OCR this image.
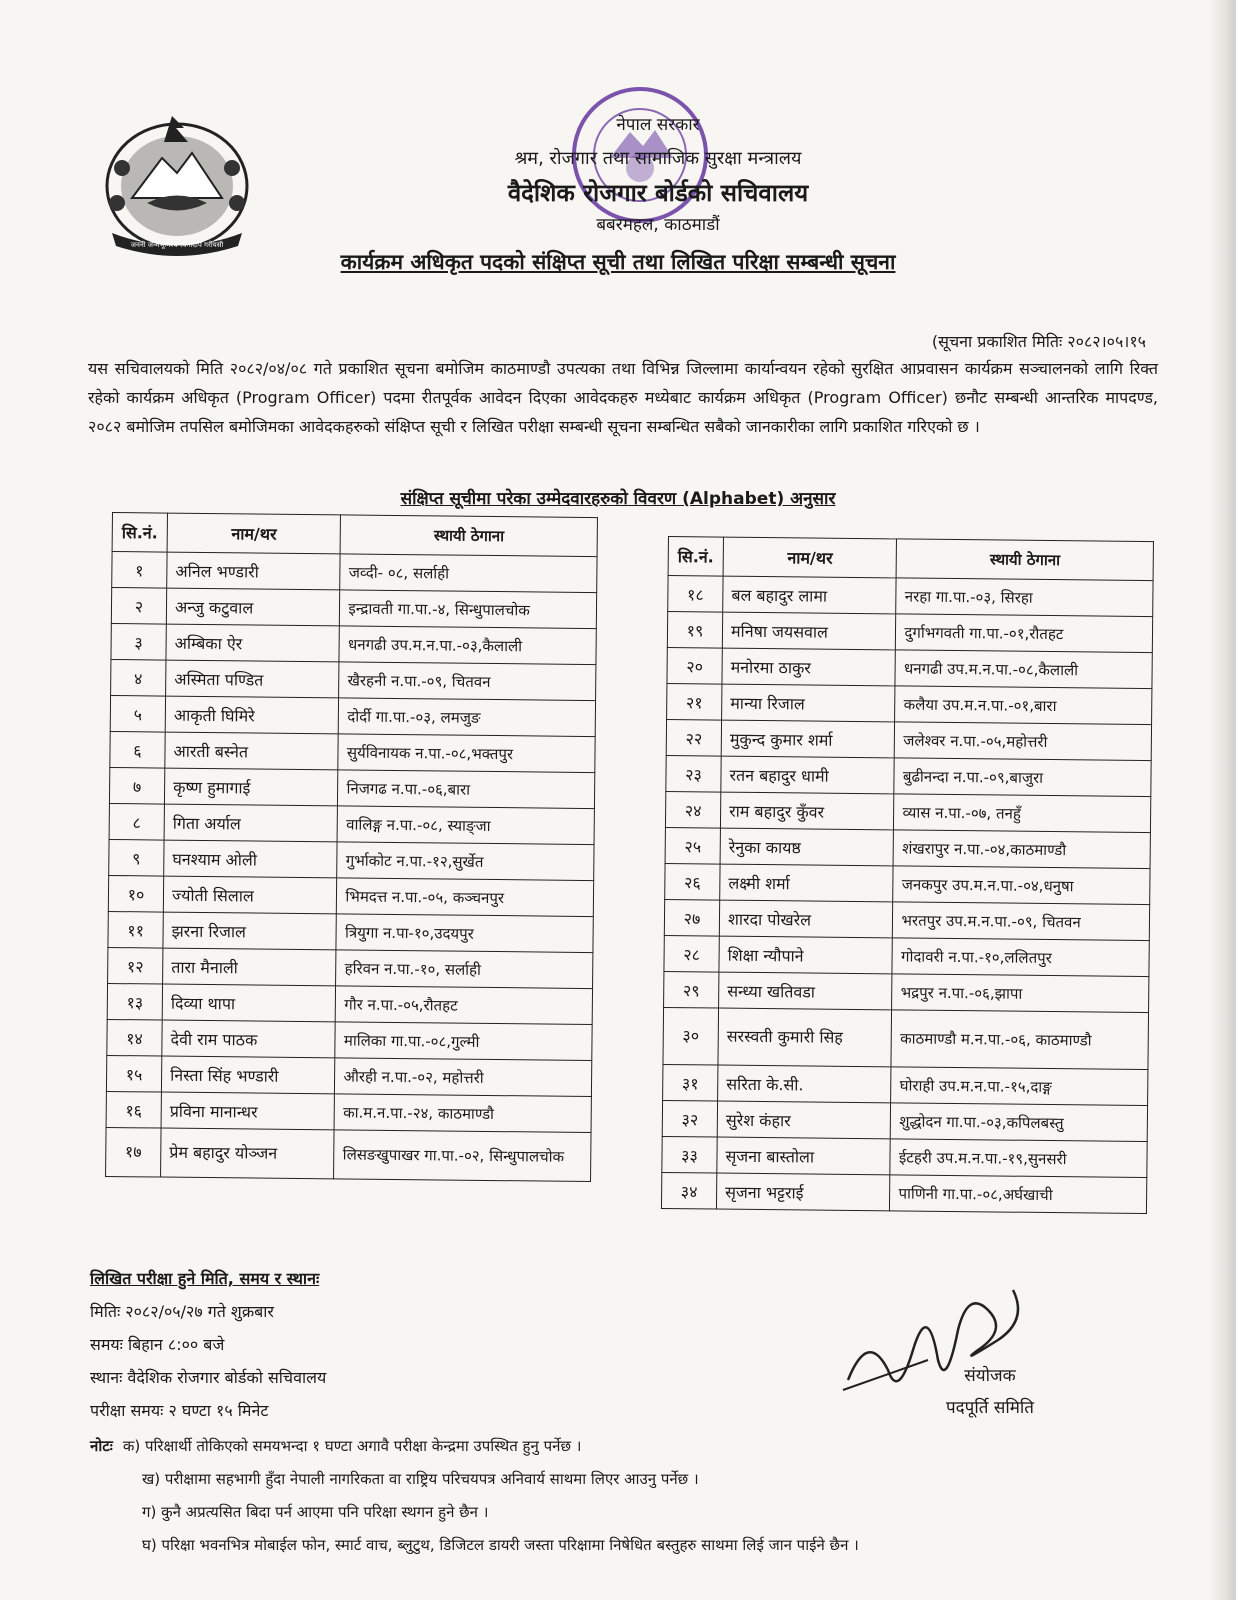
जननी जन्मभूमिश्च स्वर्गादपि गरीयसी
नेपाल सरकार
श्रम, रोजगार तथा सामाजिक सुरक्षा मन्त्रालय
वैदेशिक रोजगार बोर्डको सचिवालय
बबरमहल, काठमाडौं
कार्यक्रम अधिकृत पदको संक्षिप्त सूची तथा लिखित परिक्षा सम्बन्धी सूचना
(सूचना प्रकाशित मितिः २०८२।०५।१५
यस सचिवालयको मिति २०८२/०४/०८ गते प्रकाशित सूचना बमोजिम काठमाण्डौ उपत्यका तथा विभिन्न जिल्लामा कार्यान्वयन रहेको सुरक्षित आप्रवासन कार्यक्रम सञ्चालनको लागि रिक्त रहेको कार्यक्रम अधिकृत (Program Officer) पदमा रीतपूर्वक आवेदन दिएका आवेदकहरु मध्येबाट कार्यक्रम अधिकृत (Program Officer) छनौट सम्बन्धी आन्तरिक मापदण्ड, २०८२ बमोजिम तपसिल बमोजिमका आवेदकहरुको संक्षिप्त सूची र लिखित परीक्षा सम्बन्धी सूचना सम्बन्धित सबैको जानकारीका लागि प्रकाशित गरिएको छ ।
संक्षिप्त सूचीमा परेका उम्मेदवारहरुको विवरण (Alphabet) अनुसार
सि.नं.	नाम/थर	स्थायी ठेगाना
१	अनिल भण्डारी	जव्दी- ०८, सर्लाही
२	अन्जु कटुवाल	इन्द्रावती गा.पा.-४, सिन्धुपालचोक
३	अम्बिका ऐर	धनगढी उप.म.न.पा.-०३,कैलाली
४	अस्मिता पण्डित	खैरहनी न.पा.-०९, चितवन
५	आकृती घिमिरे	दोर्दी गा.पा.-०३, लमजुङ
६	आरती बस्नेत	सुर्यविनायक न.पा.-०८,भक्तपुर
७	कृष्ण हुमागाई	निजगढ न.पा.-०६,बारा
८	गिता अर्याल	वालिङ्ग न.पा.-०८, स्याङ्जा
९	घनश्याम ओली	गुर्भाकोट न.पा.-१२,सुर्खेत
१०	ज्योती सिलाल	भिमदत्त न.पा.-०५, कञ्चनपुर
११	झरना रिजाल	त्रियुगा न.पा-१०,उदयपुर
१२	तारा मैनाली	हरिवन न.पा.-१०, सर्लाही
१३	दिव्या थापा	गौर न.पा.-०५,रौतहट
१४	देवी राम पाठक	मालिका गा.पा.-०८,गुल्मी
१५	निस्ता सिंह भण्डारी	औरही न.पा.-०२, महोत्तरी
१६	प्रविना मानान्धर	का.म.न.पा.-२४, काठमाण्डौ
१७	प्रेम बहादुर योञ्जन	लिसङखुपाखर गा.पा.-०२, सिन्धुपालचोक
सि.नं.	नाम/थर	स्थायी ठेगाना
१८	बल बहादुर लामा	नरहा गा.पा.-०३, सिरहा
१९	मनिषा जयसवाल	दुर्गाभगवती गा.पा.-०१,रौतहट
२०	मनोरमा ठाकुर	धनगढी उप.म.न.पा.-०८,कैलाली
२१	मान्या रिजाल	कलैया उप.म.न.पा.-०१,बारा
२२	मुकुन्द कुमार शर्मा	जलेश्वर न.पा.-०५,महोत्तरी
२३	रतन बहादुर धामी	बुढीनन्दा न.पा.-०९,बाजुरा
२४	राम बहादुर कुँवर	व्यास न.पा.-०७, तनहुँ
२५	रेनुका कायष्ठ	शंखरापुर न.पा.-०४,काठमाण्डौ
२६	लक्ष्मी शर्मा	जनकपुर उप.म.न.पा.-०४,धनुषा
२७	शारदा पोखरेल	भरतपुर उप.म.न.पा.-०९, चितवन
२८	शिक्षा न्यौपाने	गोदावरी न.पा.-१०,ललितपुर
२९	सन्ध्या खतिवडा	भद्रपुर न.पा.-०६,झापा
३०	सरस्वती कुमारी सिह	काठमाण्डौ म.न.पा.-०६, काठमाण्डौ
३१	सरिता के.सी.	घोराही उप.म.न.पा.-१५,दाङ्ग
३२	सुरेश कंहार	शुद्धोदन गा.पा.-०३,कपिलबस्तु
३३	सृजना बास्तोला	ईटहरी उप.म.न.पा.-१९,सुनसरी
३४	सृजना भट्टराई	पाणिनी गा.पा.-०८,अर्घखाची
लिखित परीक्षा हुने मिति, समय र स्थानः
मितिः २०८२/०५/२७ गते शुक्रबार
समयः बिहान ८:०० बजे
स्थानः वैदेशिक रोजगार बोर्डको सचिवालय
परीक्षा समयः २ घण्टा १५ मिनेट
संयोजक
पदपूर्ति समिति
नोटः क) परिक्षार्थी तोकिएको समयभन्दा १ घण्टा अगावै परीक्षा केन्द्रमा उपस्थित हुनु पर्नेछ ।
ख) परीक्षामा सहभागी हुँदा नेपाली नागरिकता वा राष्ट्रिय परिचयपत्र अनिवार्य साथमा लिएर आउनु पर्नेछ ।
ग) कुनै अप्रत्यसित बिदा पर्न आएमा पनि परिक्षा स्थगन हुने छैन ।
घ) परिक्षा भवनभित्र मोबाईल फोन, स्मार्ट वाच, ब्लुटुथ, डिजिटल डायरी जस्ता परिक्षामा निषेधित बस्तुहरु साथमा लिई जान पाईने छैन ।
